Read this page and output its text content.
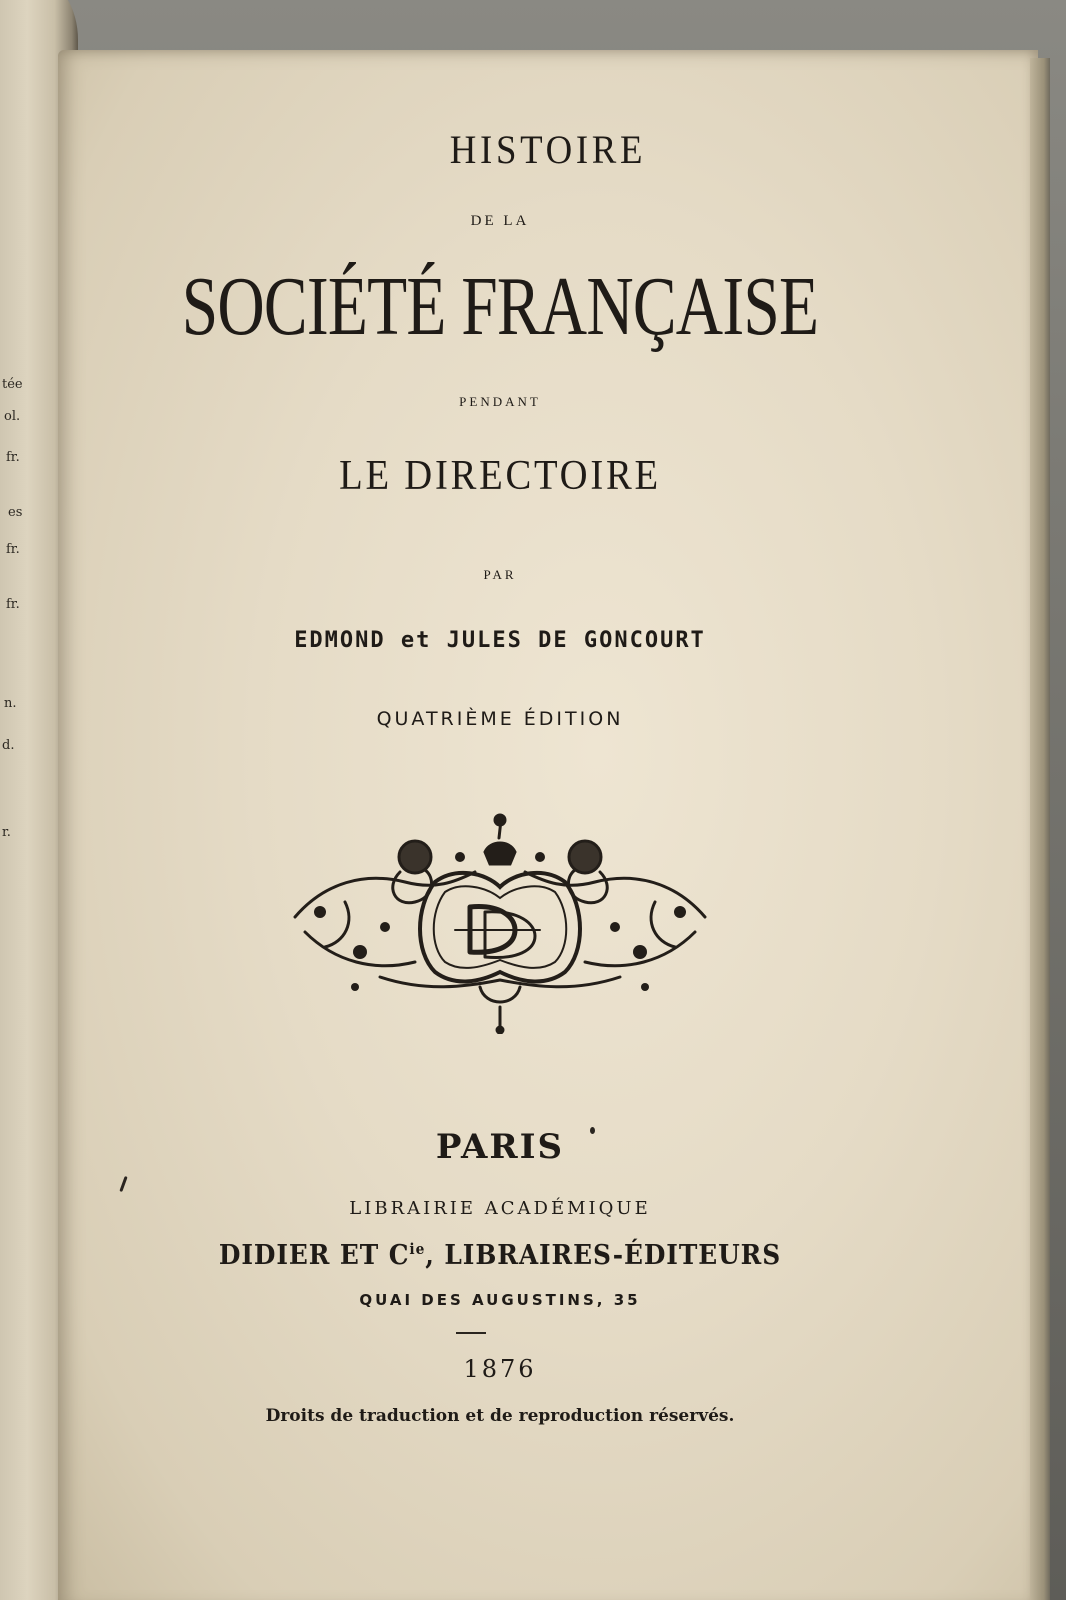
tée
ol.
fr.
es
fr.
fr.
n.
d.
r.
HISTOIRE
DE LA
SOCIÉTÉ FRANÇAISE
PENDANT
LE DIRECTOIRE
PAR
EDMOND et JULES DE GONCOURT
QUATRIÈME ÉDITION
PARIS
LIBRAIRIE ACADÉMIQUE
DIDIER ET $C^{ie}$, LIBRAIRES-ÉDITEURS
QUAI DES AUGUSTINS, 35
1876
Droits de traduction et de reproduction réservés.
